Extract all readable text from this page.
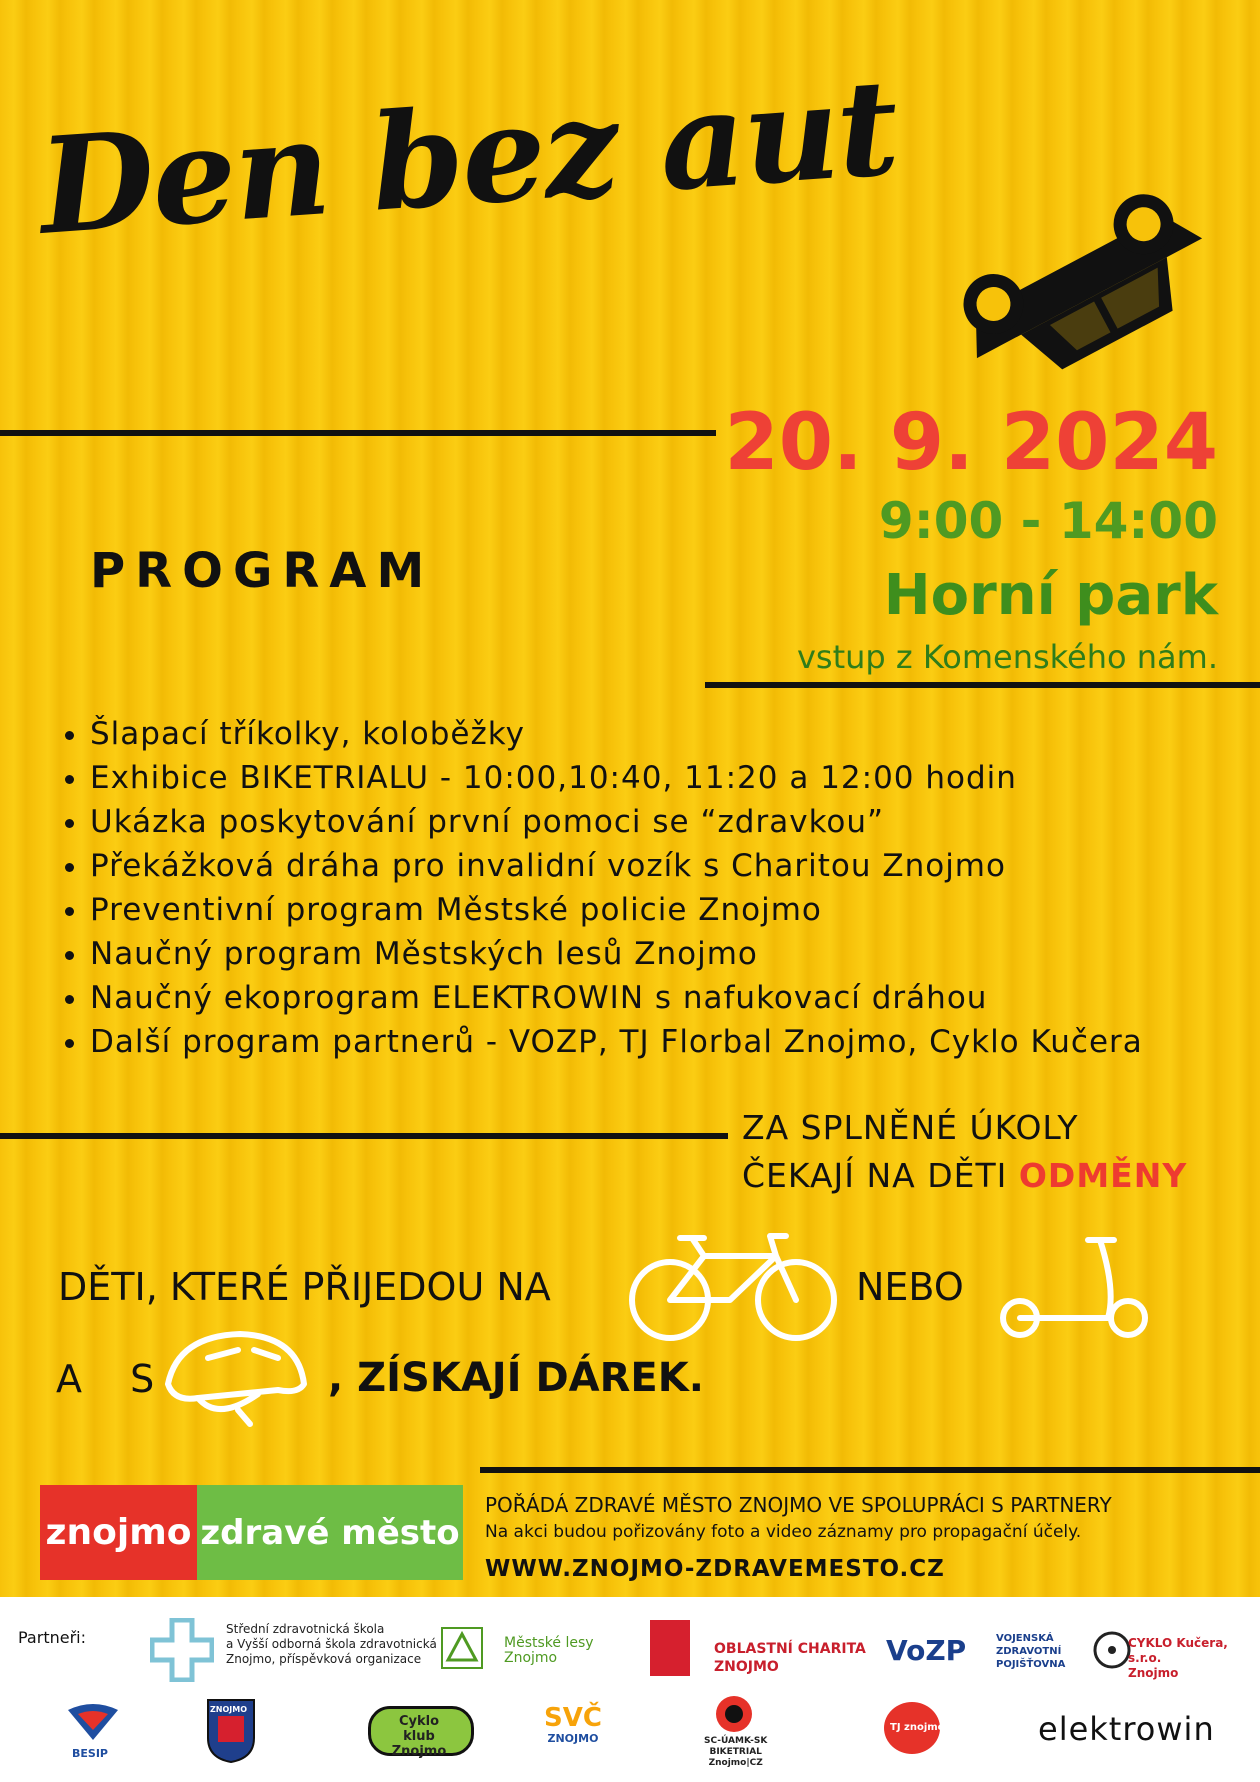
Den bez aut
20. 9. 2024
9:00 - 14:00
Horní park
vstup z Komenského nám.
PROGRAM
• Šlapací tříkolky, koloběžky
• Exhibice BIKETRIALU - 10:00,10:40, 11:20 a 12:00 hodin
• Ukázka poskytování první pomoci se “zdravkou”
• Překážková dráha pro invalidní vozík s Charitou Znojmo
• Preventivní program Městské policie Znojmo
• Naučný program Městských lesů Znojmo
• Naučný ekoprogram ELEKTROWIN s nafukovací dráhou
• Další program partnerů - VOZP, TJ Florbal Znojmo, Cyklo Kučera
ZA SPLNĚNÉ ÚKOLY
ČEKAJÍ NA DĚTI ODMĚNY
DĚTI, KTERÉ PŘIJEDOU NA	NEBO
A S	, ZÍSKAJÍ DÁREK.
znojmo zdravé město
POŘÁDÁ ZDRAVÉ MĚSTO ZNOJMO VE SPOLUPRÁCI S PARTNERY
Na akci budou pořizovány foto a video záznamy pro propagační účely.
WWW.ZNOJMO-ZDRAVEMESTO.CZ
Partneři:	Střední zdravotnická škola
a Vyšší odborná škola zdravotnická
Znojmo, příspěvková organizace
Městské lesy
Znojmo
OBLASTNÍ CHARITA
ZNOJMO	VoZP	VOJENSKÁ
ZDRAVOTNÍ
POJIŠŤOVNA
CYKLO Kučera, s.r.o.
Znojmo
BESIP
ZNOJMO
Cyklo klub
Znojmo
SVČ
ZNOJMO	SC-ÚAMK-SK
BIKETRIAL
Znojmo|CZ
TJ znojmo	elektrowin
